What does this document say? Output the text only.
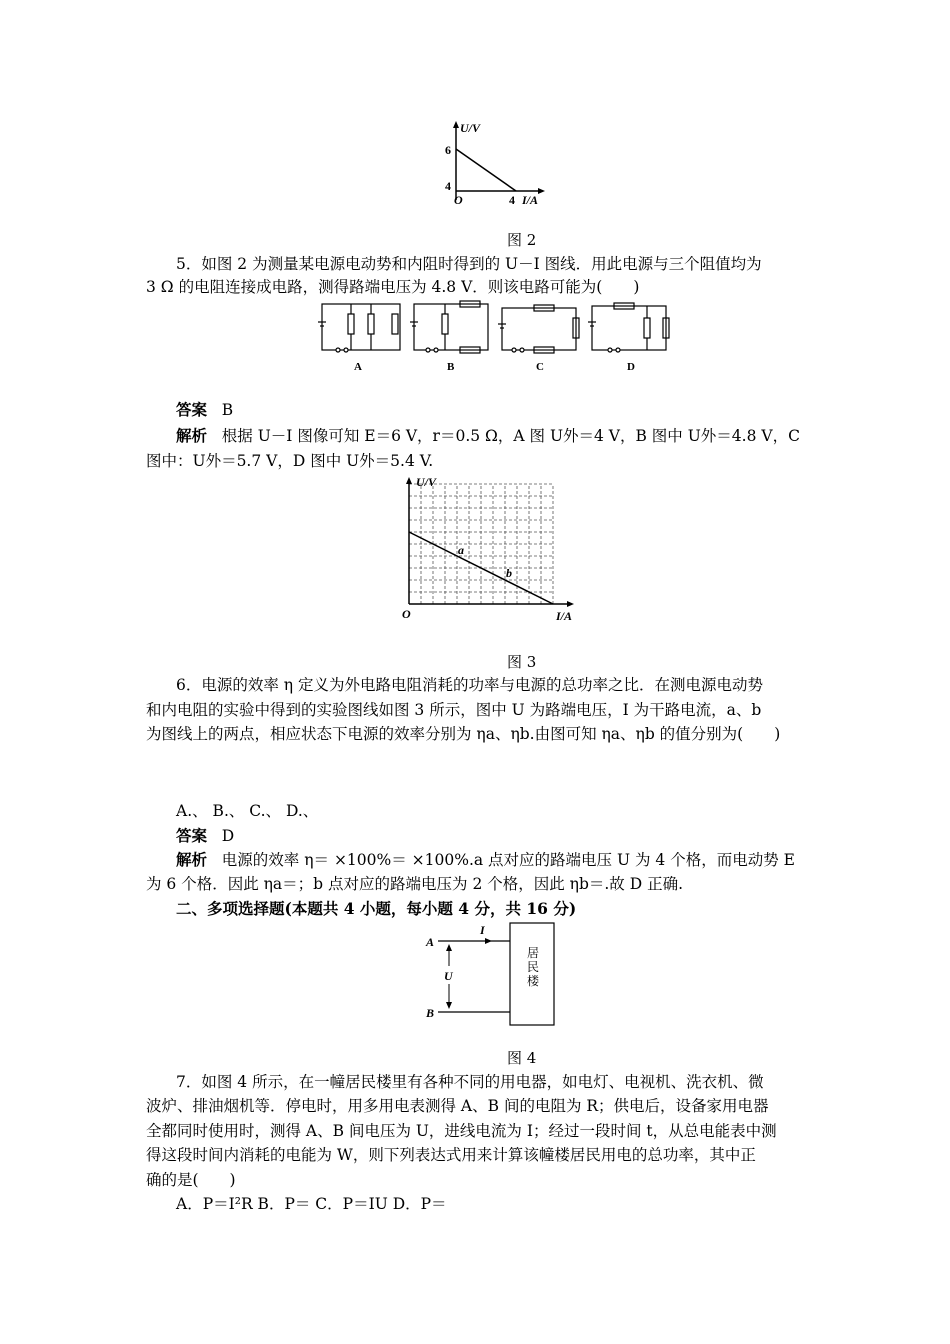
U/V
6
4
O	4 I/A
图 2
5．如图 2 为测量某电源电动势和内阻时得到的 U－I 图线．用此电源与三个阻值均为
3 Ω 的电阻连接成电路，测得路端电压为 4.8 V．则该电路可能为(　　)
A	B	C	D
答案 B
解析 根据 U－I 图像可知 E＝6 V，r＝0.5 Ω，A 图 U外＝4 V，B 图中 U外＝4.8 V，C
图中：U外＝5.7 V，D 图中 U外＝5.4 V.
U/V
a
b
O	I/A
图 3
6．电源的效率 η 定义为外电路电阻消耗的功率与电源的总功率之比．在测电源电动势
和内电阻的实验中得到的实验图线如图 3 所示，图中 U 为路端电压，I 为干路电流，a、b
为图线上的两点，相应状态下电源的效率分别为 ηa、ηb.由图可知 ηa、ηb 的值分别为(　　)
A.、 B.、 C.、 D.、
答案 D
解析 电源的效率 η＝ ×100%＝ ×100%.a 点对应的路端电压 U 为 4 个格，而电动势 E
为 6 个格．因此 ηa＝；b 点对应的路端电压为 2 个格，因此 ηb＝.故 D 正确.
二、多项选择题(本题共 4 小题，每小题 4 分，共 16 分)
A
I
U
B
居民楼
图 4
7．如图 4 所示，在一幢居民楼里有各种不同的用电器，如电灯、电视机、洗衣机、微
波炉、排油烟机等．停电时，用多用电表测得 A、B 间的电阻为 R；供电后，设备家用电器
全都同时使用时，测得 A、B 间电压为 U，进线电流为 I；经过一段时间 t，从总电能表中测
得这段时间内消耗的电能为 W，则下列表达式用来计算该幢楼居民用电的总功率，其中正
确的是(　　)
A．P＝I²R B．P＝ C．P＝IU D．P＝
